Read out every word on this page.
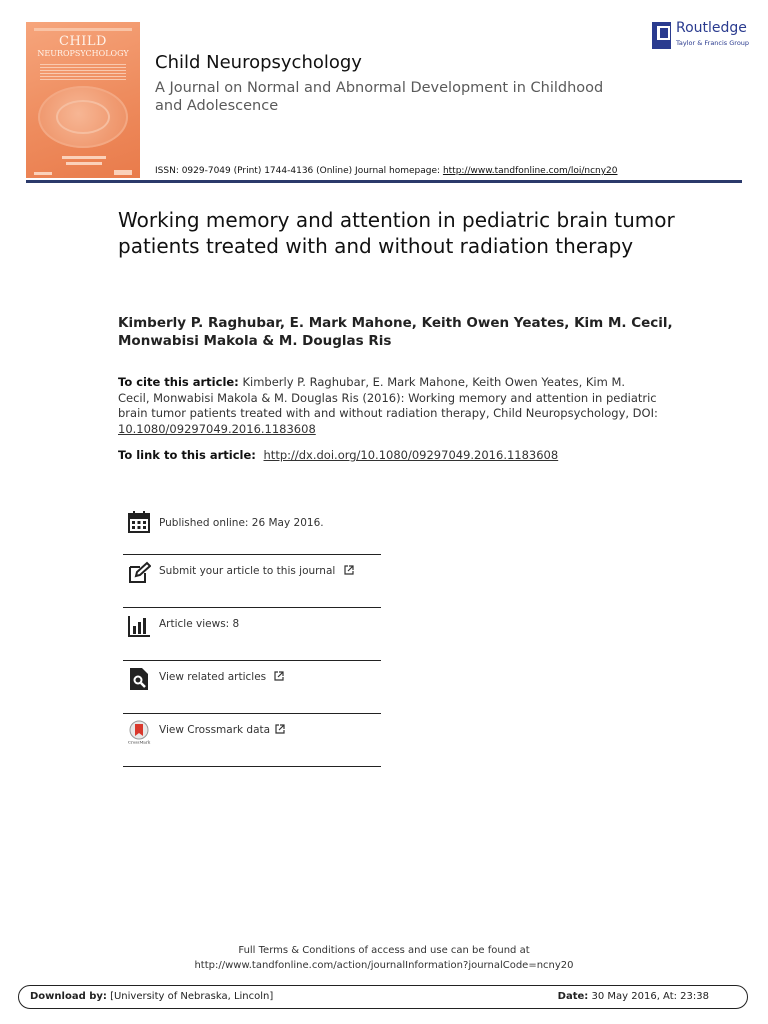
CHILD
NEUROPSYCHOLOGY	Child Neuropsychology
A Journal on Normal and Abnormal Development in Childhood and Adolescence
ISSN: 0929-7049 (Print) 1744-4136 (Online) Journal homepage: http://www.tandfonline.com/loi/ncny20
Routledge
Taylor & Francis Group
Working memory and attention in pediatric brain tumor patients treated with and without radiation therapy
Kimberly P. Raghubar, E. Mark Mahone, Keith Owen Yeates, Kim M. Cecil, Monwabisi Makola & M. Douglas Ris
To cite this article: Kimberly P. Raghubar, E. Mark Mahone, Keith Owen Yeates, Kim M. Cecil, Monwabisi Makola & M. Douglas Ris (2016): Working memory and attention in pediatric brain tumor patients treated with and without radiation therapy, Child Neuropsychology, DOI: 10.1080/09297049.2016.1183608
To link to this article: http://dx.doi.org/10.1080/09297049.2016.1183608
Published online: 26 May 2016.
Submit your article to this journal
Article views: 8
View related articles
CrossMark
View Crossmark data
Full Terms & Conditions of access and use can be found at
http://www.tandfonline.com/action/journalInformation?journalCode=ncny20
Download by: [University of Nebraska, Lincoln]	Date: 30 May 2016, At: 23:38
